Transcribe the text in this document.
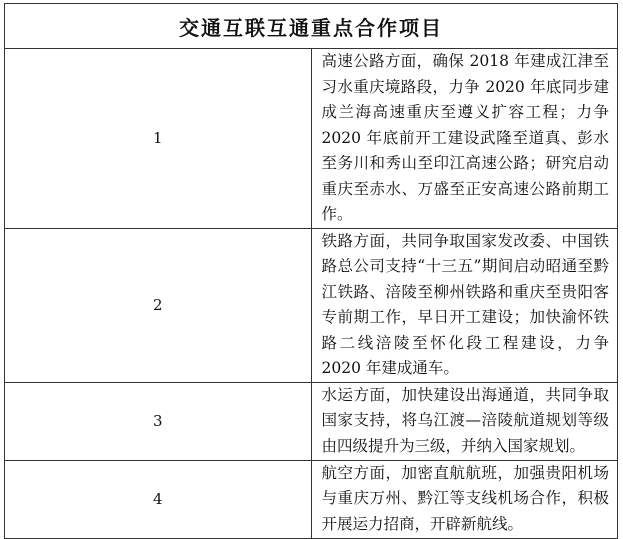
交通互联互通重点合作项目	
1	高速公路方面，确保 2018 年建成江津至习水重庆境路段，力争 2020 年底同步建成兰海高速重庆至遵义扩容工程；力争 2020 年底前开工建设武隆至道真、彭水至务川和秀山至印江高速公路；研究启动重庆至赤水、万盛至正安高速公路前期工作。
2	铁路方面，共同争取国家发改委、中国铁路总公司支持“十三五”期间启动昭通至黔江铁路、涪陵至柳州铁路和重庆至贵阳客专前期工作，早日开工建设；加快渝怀铁路二线涪陵至怀化段工程建设，力争 2020 年建成通车。
3	水运方面，加快建设出海通道，共同争取国家支持，将乌江渡—涪陵航道规划等级由四级提升为三级，并纳入国家规划。
4	航空方面，加密直航航班，加强贵阳机场与重庆万州、黔江等支线机场合作，积极开展运力招商，开辟新航线。
